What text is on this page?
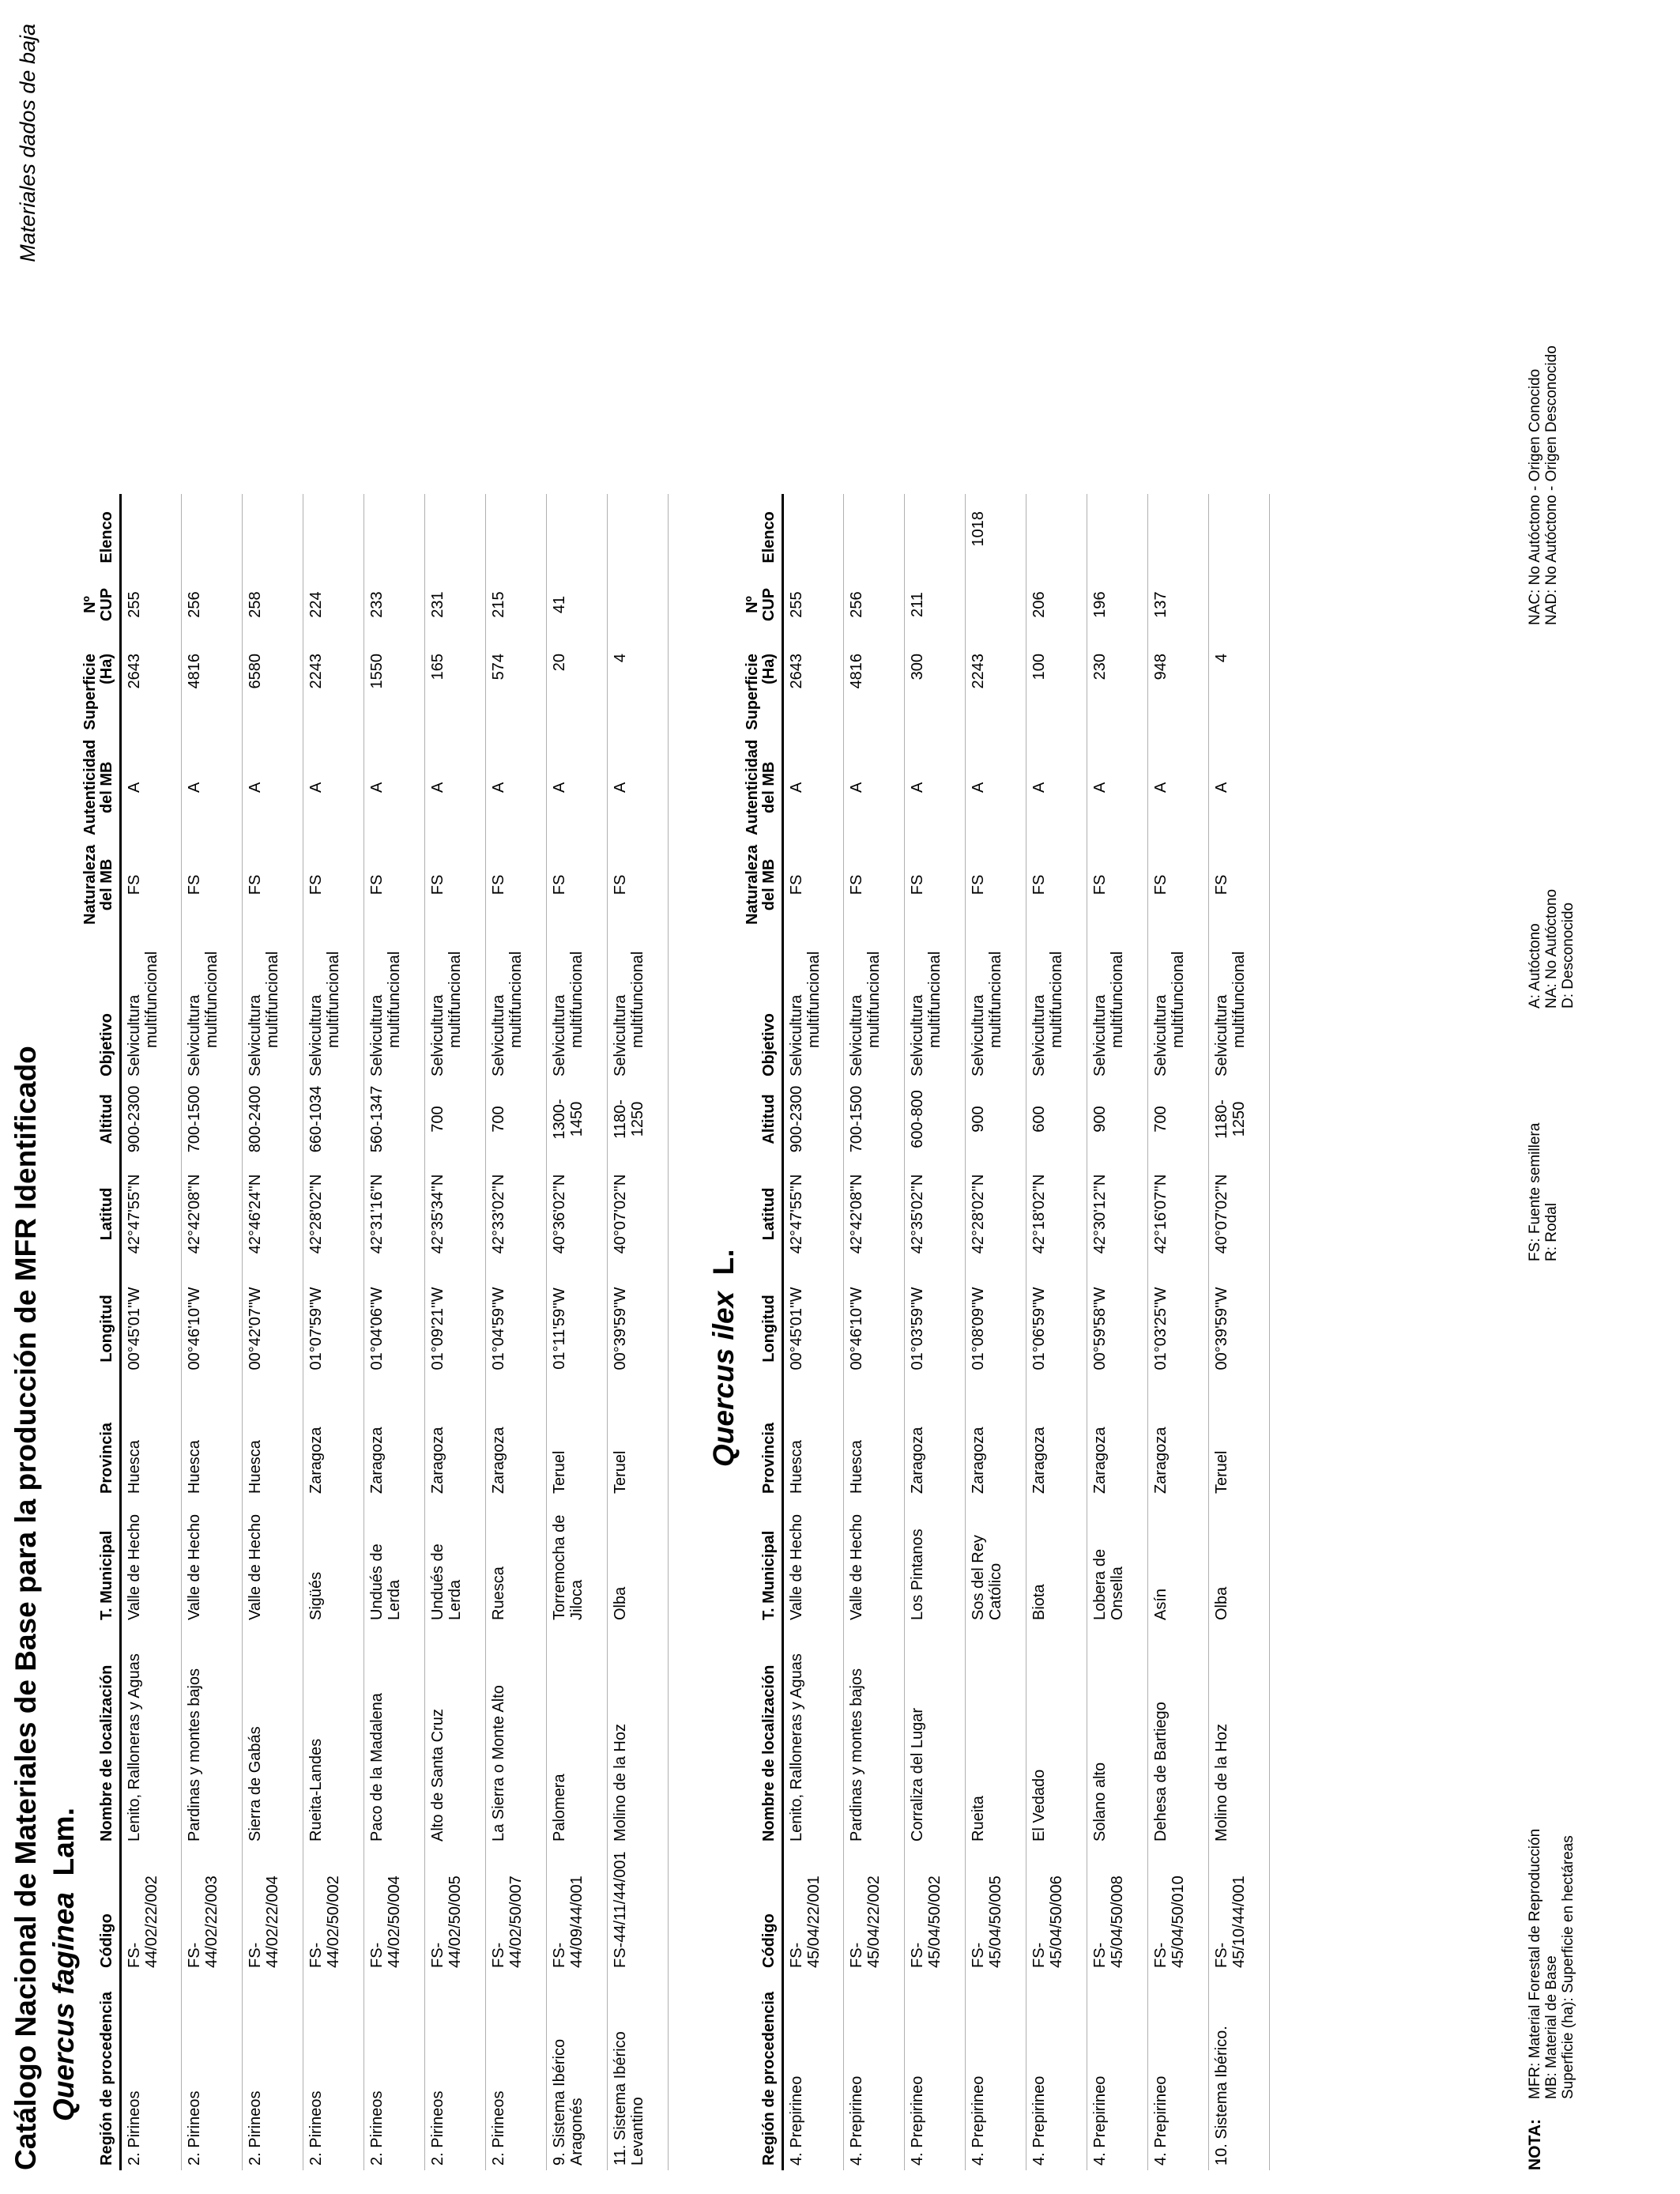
Catálogo Nacional de Materiales de Base para la producción de MFR Identificado
Materiales dados de baja
Quercus faginea  Lam.
Región de procedencia	Código	Nombre de localización	T. Municipal	Provincia	Longitud	Latitud	Altitud	Objetivo	Naturaleza del MB	Autenticidad del MB	Superficie (Ha)	Nº CUP	Elenco
2. Pirineos	FS-44/02/22/002	Lenito, Ralloneras y Aguas	Valle de Hecho	Huesca	00°45'01''W	42°47'55''N	900-2300	Selvicultura multifuncional	FS	A	2643	255	
2. Pirineos	FS-44/02/22/003	Pardinas y montes bajos	Valle de Hecho	Huesca	00°46'10''W	42°42'08''N	700-1500	Selvicultura multifuncional	FS	A	4816	256	
2. Pirineos	FS-44/02/22/004	Sierra de Gabás	Valle de Hecho	Huesca	00°42'07''W	42°46'24''N	800-2400	Selvicultura multifuncional	FS	A	6580	258	
2. Pirineos	FS-44/02/50/002	Rueita-Landes	Sigüés	Zaragoza	01°07'59''W	42°28'02''N	660-1034	Selvicultura multifuncional	FS	A	2243	224	
2. Pirineos	FS-44/02/50/004	Paco de la Madalena	Undués de Lerda	Zaragoza	01°04'06''W	42°31'16''N	560-1347	Selvicultura multifuncional	FS	A	1550	233	
2. Pirineos	FS-44/02/50/005	Alto de Santa Cruz	Undués de Lerda	Zaragoza	01°09'21''W	42°35'34''N	700	Selvicultura multifuncional	FS	A	165	231	
2. Pirineos	FS-44/02/50/007	La Sierra o Monte Alto	Ruesca	Zaragoza	01°04'59''W	42°33'02''N	700	Selvicultura multifuncional	FS	A	574	215	
9. Sistema Ibérico Aragonés	FS-44/09/44/001	Palomera	Torremocha de Jiloca	Teruel	01°11'59''W	40°36'02''N	1300-1450	Selvicultura multifuncional	FS	A	20	41	
11. Sistema Ibérico Levantino	FS-44/11/44/001	Molino de la Hoz	Olba	Teruel	00°39'59''W	40°07'02''N	1180-1250	Selvicultura multifuncional	FS	A	4		
Quercus ilex  L.
Región de procedencia	Código	Nombre de localización	T. Municipal	Provincia	Longitud	Latitud	Altitud	Objetivo	Naturaleza del MB	Autenticidad del MB	Superficie (Ha)	Nº CUP	Elenco
4. Prepirineo	FS-45/04/22/001	Lenito, Ralloneras y Aguas	Valle de Hecho	Huesca	00°45'01''W	42°47'55''N	900-2300	Selvicultura multifuncional	FS	A	2643	255	
4. Prepirineo	FS-45/04/22/002	Pardinas y montes bajos	Valle de Hecho	Huesca	00°46'10''W	42°42'08''N	700-1500	Selvicultura multifuncional	FS	A	4816	256	
4. Prepirineo	FS-45/04/50/002	Corraliza del Lugar	Los Pintanos	Zaragoza	01°03'59''W	42°35'02''N	600-800	Selvicultura multifuncional	FS	A	300	211	
4. Prepirineo	FS-45/04/50/005	Rueita	Sos del Rey Católico	Zaragoza	01°08'09''W	42°28'02''N	900	Selvicultura multifuncional	FS	A	2243		1018
4. Prepirineo	FS-45/04/50/006	El Vedado	Biota	Zaragoza	01°06'59''W	42°18'02''N	600	Selvicultura multifuncional	FS	A	100	206	
4. Prepirineo	FS-45/04/50/008	Solano alto	Lobera de Onsella	Zaragoza	00°59'58''W	42°30'12''N	900	Selvicultura multifuncional	FS	A	230	196	
4. Prepirineo	FS-45/04/50/010	Dehesa de Bartiego	Asín	Zaragoza	01°03'25''W	42°16'07''N	700	Selvicultura multifuncional	FS	A	948	137	
10. Sistema Ibérico.	FS-45/10/44/001	Molino de la Hoz	Olba	Teruel	00°39'59''W	40°07'02''N	1180-1250	Selvicultura multifuncional	FS	A	4		
NOTA:
MFR: Material Forestal de Reproducción MB: Material de Base Superficie (ha): Superficie en hectáreas
FS: Fuente semillera R: Rodal
A: Autóctono NA: No Autóctono D: Desconocido
NAC: No Autóctono - Origen Conocido NAD: No Autóctono - Origen Desconocido
